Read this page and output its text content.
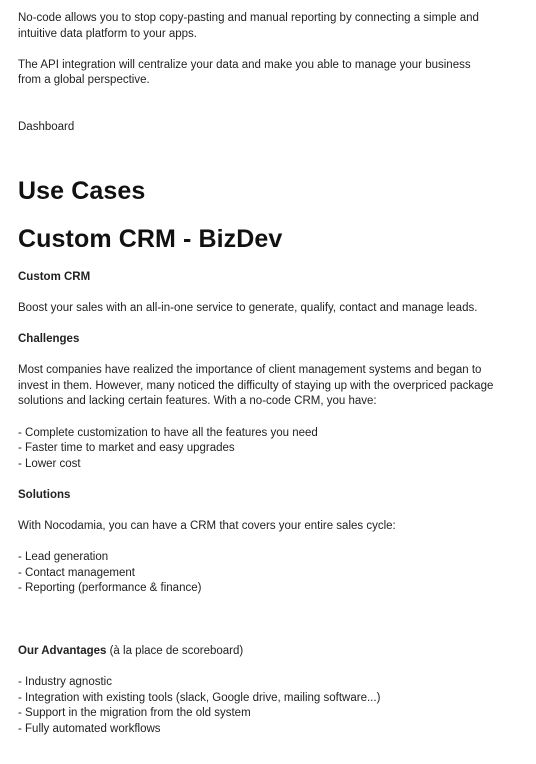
No-code allows you to stop copy-pasting and manual reporting by connecting a simple and intuitive data platform to your apps.

The API integration will centralize your data and make you able to manage your business from a global perspective.

Dashboard

Use Cases
Custom CRM - BizDev

Custom CRM

Boost your sales with an all-in-one service to generate, qualify, contact and manage leads.

Challenges

Most companies have realized the importance of client management systems and began to invest in them. However, many noticed the difficulty of staying up with the overpriced package solutions and lacking certain features. With a no-code CRM, you have:

- Complete customization to have all the features you need
- Faster time to market and easy upgrades
- Lower cost

Solutions

With Nocodamia, you can have a CRM that covers your entire sales cycle:

- Lead generation
- Contact management
- Reporting (performance & finance)

Our Advantages (à la place de scoreboard)

- Industry agnostic
- Integration with existing tools (slack, Google drive, mailing software...)
- Support in the migration from the old system
- Fully automated workflows
